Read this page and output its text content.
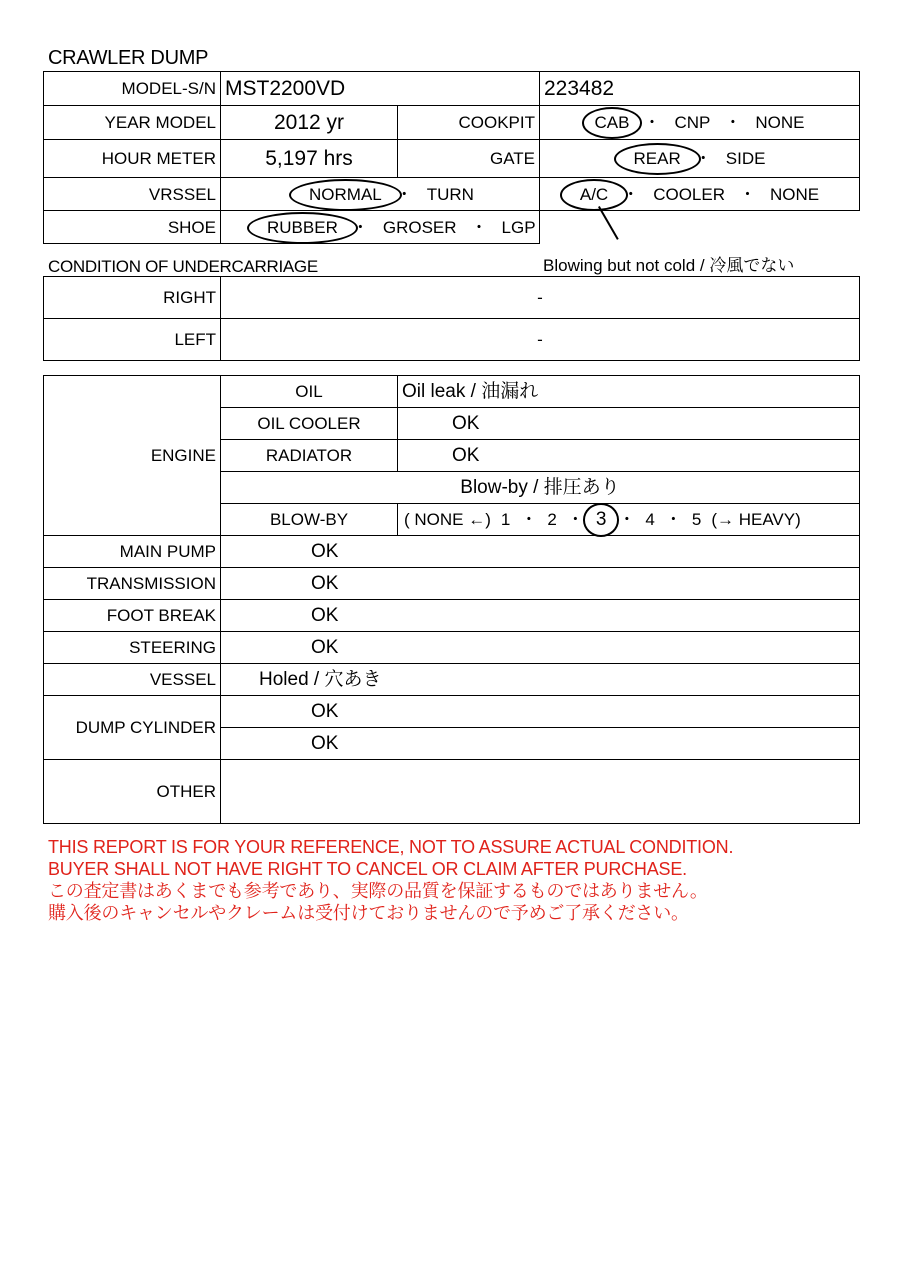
CRAWLER DUMP
MODEL-S/N	MST2200VD		223482
YEAR MODEL	2012 yr	COOKPIT	CAB ・ CNP ・ NONE
HOUR METER	5,197 hrs	GATE	REAR ・ SIDE
VRSSEL	NORMAL ・ TURN		A/C ・ COOLER ・ NONE
SHOE	RUBBER ・ GROSER ・ LGP		
Blowing but not cold / 冷風でない
CONDITION OF UNDERCARRIAGE
RIGHT	-
LEFT	-
ENGINE	OIL	Oil leak / 油漏れ
	OIL COOLER	OK
	RADIATOR	OK
	Blow-by / 排圧あり	
	BLOW-BY	( NONE ←) 1 ・ 2 ・ 3 ・ 4 ・ 5 (→ HEAVY)
MAIN PUMP	OK	
TRANSMISSION	OK	
FOOT BREAK	OK	
STEERING	OK	
VESSEL	Holed / 穴あき	
DUMP CYLINDER	OK	
	OK	
OTHER		
THIS REPORT IS FOR YOUR REFERENCE, NOT TO ASSURE ACTUAL CONDITION.
BUYER SHALL NOT HAVE RIGHT TO CANCEL OR CLAIM AFTER PURCHASE.
この査定書はあくまでも参考であり、実際の品質を保証するものではありません。
購入後のキャンセルやクレームは受付けておりませんので予めご了承ください。
